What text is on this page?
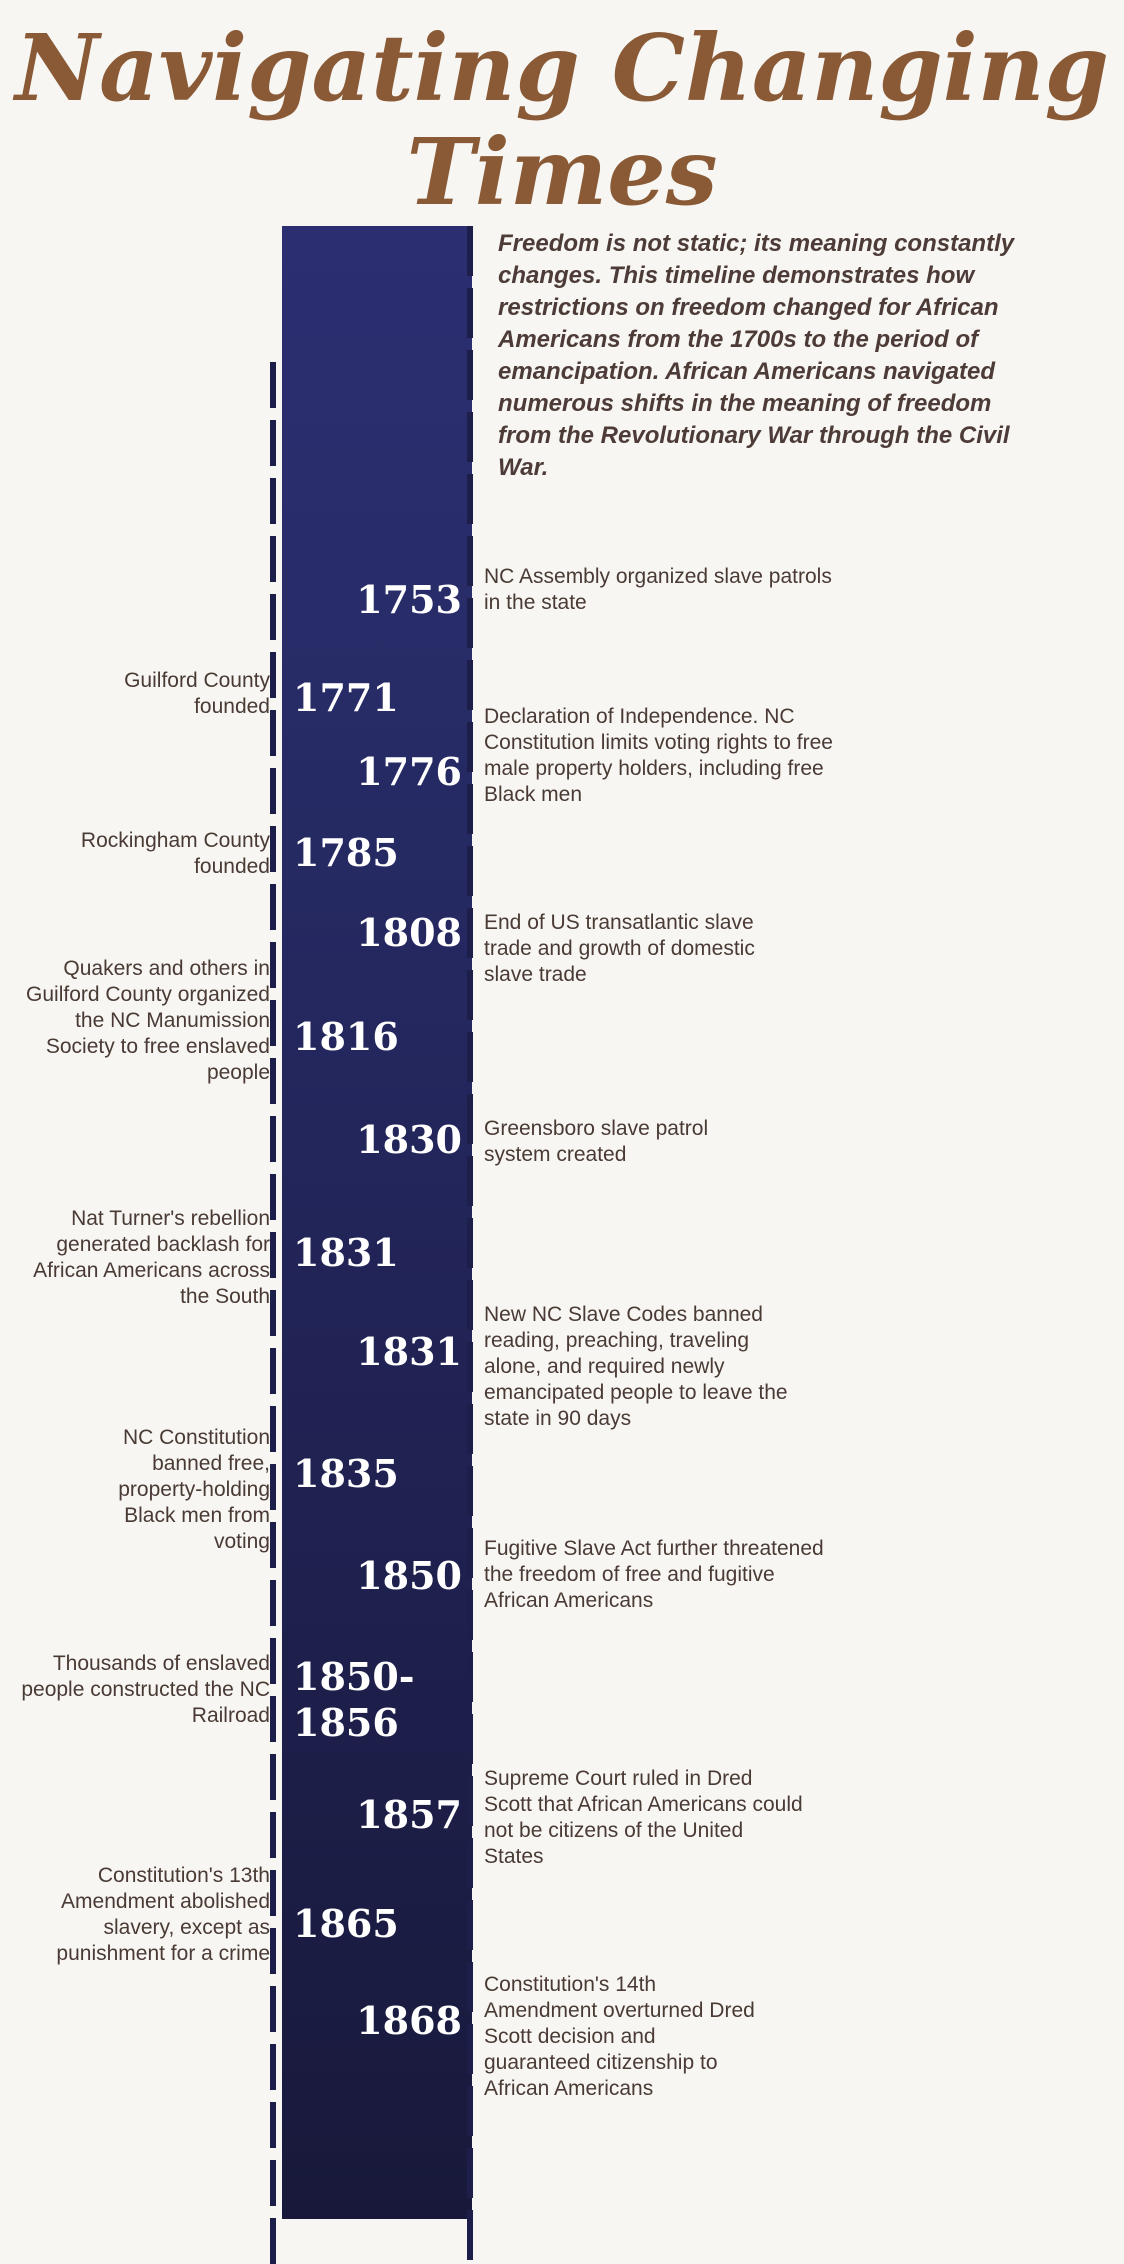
Navigating Changing
Times

Freedom is not static; its meaning constantly changes. This timeline demonstrates how restrictions on freedom changed for African Americans from the 1700s to the period of emancipation. African Americans navigated numerous shifts in the meaning of freedom from the Revolutionary War through the Civil War.

1753
NC Assembly organized slave patrols in the state
1771
Guilford County founded
1776
Declaration of Independence. NC Constitution limits voting rights to free male property holders, including free Black men
1785
Rockingham County founded
1808 End of US transatlantic slave trade and growth of domestic slave trade
1816
Quakers and others in Guilford County organized the NC Manumission Society to free enslaved people
1830 Greensboro slave patrol system created
1831
Nat Turner's rebellion generated backlash for African Americans across the South
1831
New NC Slave Codes banned reading, preaching, traveling alone, and required newly emancipated people to leave the state in 90 days
1835
NC Constitution banned free, property-holding Black men from voting
1850
Fugitive Slave Act further threatened the freedom of free and fugitive African Americans
1850-
1856
Thousands of enslaved people constructed the NC Railroad
1857
Supreme Court ruled in Dred Scott that African Americans could not be citizens of the United States
1865
Constitution's 13th Amendment abolished slavery, except as punishment for a crime
1868
Constitution's 14th Amendment overturned Dred Scott decision and guaranteed citizenship to African Americans
